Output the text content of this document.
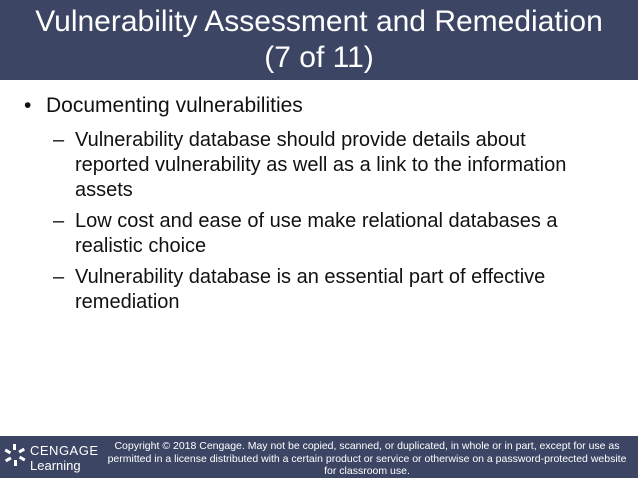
Vulnerability Assessment and Remediation
(7 of 11)
• Documenting vulnerabilities
– Vulnerability database should provide details about
reported vulnerability as well as a link to the information
assets
– Low cost and ease of use make relational databases a
realistic choice
– Vulnerability database is an essential part of effective
remediation
CENGAGE
Learning
Copyright © 2018 Cengage. May not be copied, scanned, or duplicated, in whole or in part, except for use as
permitted in a license distributed with a certain product or service or otherwise on a password-protected website
for classroom use.
